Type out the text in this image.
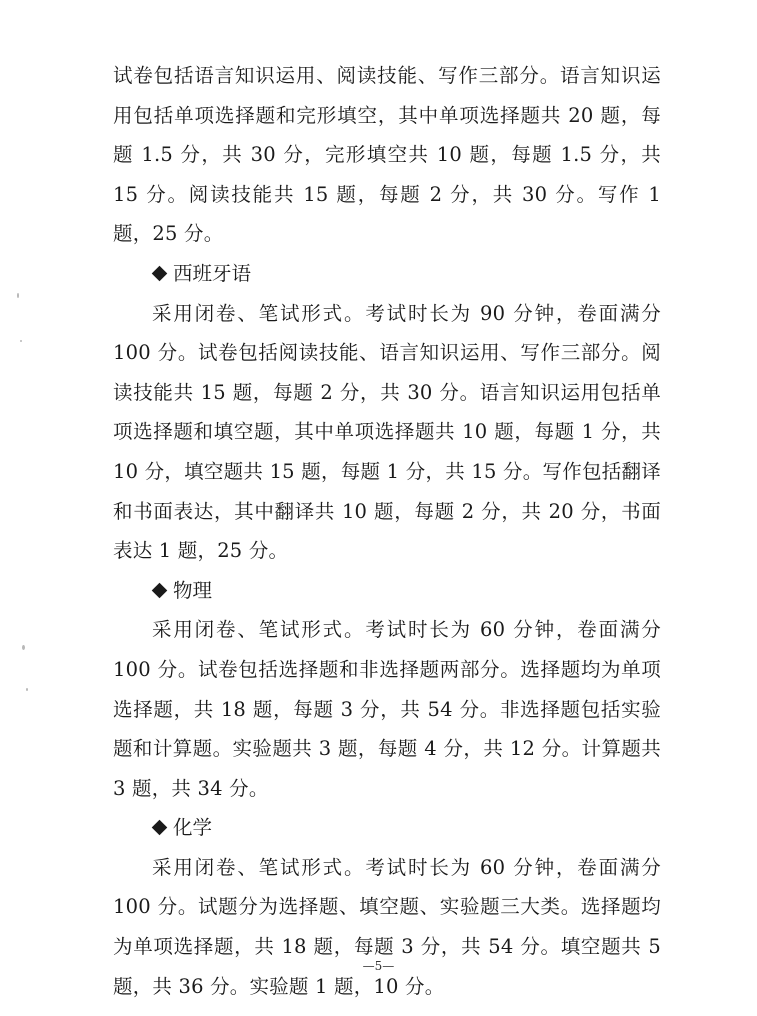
试卷包括语言知识运用、阅读技能、写作三部分。语言知识运用包括单项选择题和完形填空，其中单项选择题共 20 题，每题 1.5 分，共 30 分，完形填空共 10 题，每题 1.5 分，共 15 分。阅读技能共 15 题，每题 2 分，共 30 分。写作 1 题，25 分。

西班牙语

采用闭卷、笔试形式。考试时长为 90 分钟，卷面满分 100 分。试卷包括阅读技能、语言知识运用、写作三部分。阅读技能共 15 题，每题 2 分，共 30 分。语言知识运用包括单项选择题和填空题，其中单项选择题共 10 题，每题 1 分，共 10 分，填空题共 15 题，每题 1 分，共 15 分。写作包括翻译和书面表达，其中翻译共 10 题，每题 2 分，共 20 分，书面表达 1 题，25 分。

物理

采用闭卷、笔试形式。考试时长为 60 分钟，卷面满分 100 分。试卷包括选择题和非选择题两部分。选择题均为单项选择题，共 18 题，每题 3 分，共 54 分。非选择题包括实验题和计算题。实验题共 3 题，每题 4 分，共 12 分。计算题共 3 题，共 34 分。

化学

采用闭卷、笔试形式。考试时长为 60 分钟，卷面满分 100 分。试题分为选择题、填空题、实验题三大类。选择题均为单项选择题，共 18 题，每题 3 分，共 54 分。填空题共 5 题，共 36 分。实验题 1 题，10 分。

—5—
